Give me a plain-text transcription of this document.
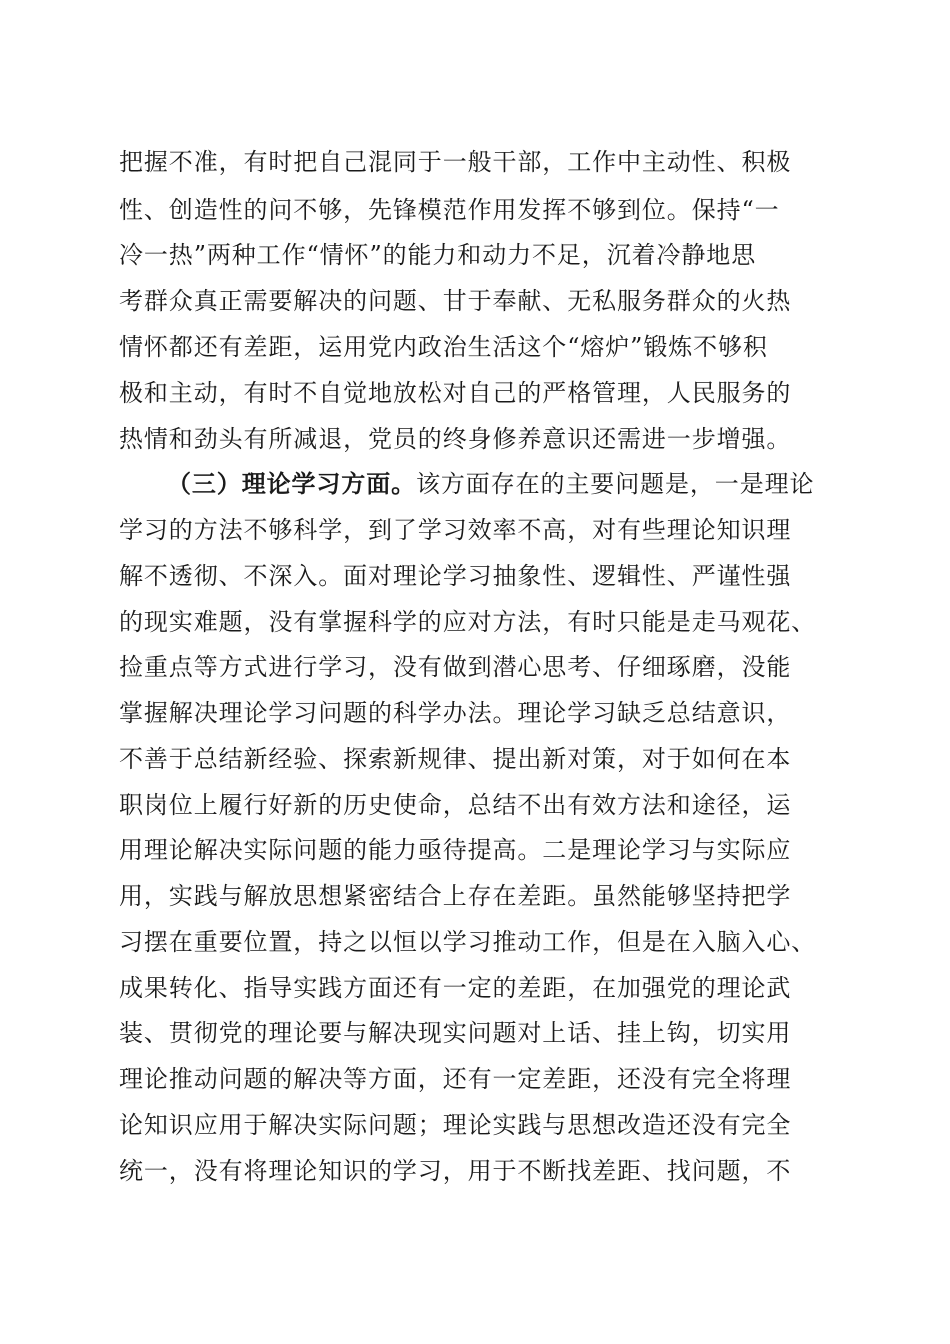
把握不准，有时把自己混同于一般干部，工作中主动性、积极
性、创造性的问不够，先锋模范作用发挥不够到位。保持“一
冷一热”两种工作“情怀”的能力和动力不足，沉着冷静地思
考群众真正需要解决的问题、甘于奉献、无私服务群众的火热
情怀都还有差距，运用党内政治生活这个“熔炉”锻炼不够积
极和主动，有时不自觉地放松对自己的严格管理，人民服务的
热情和劲头有所减退，党员的终身修养意识还需进一步增强。
（三）理论学习方面。该方面存在的主要问题是，一是理论
学习的方法不够科学，到了学习效率不高，对有些理论知识理
解不透彻、不深入。面对理论学习抽象性、逻辑性、严谨性强
的现实难题，没有掌握科学的应对方法，有时只能是走马观花、
捡重点等方式进行学习，没有做到潜心思考、仔细琢磨，没能
掌握解决理论学习问题的科学办法。理论学习缺乏总结意识，
不善于总结新经验、探索新规律、提出新对策，对于如何在本
职岗位上履行好新的历史使命，总结不出有效方法和途径，运
用理论解决实际问题的能力亟待提高。二是理论学习与实际应
用，实践与解放思想紧密结合上存在差距。虽然能够坚持把学
习摆在重要位置，持之以恒以学习推动工作，但是在入脑入心、
成果转化、指导实践方面还有一定的差距，在加强党的理论武
装、贯彻党的理论要与解决现实问题对上话、挂上钩，切实用
理论推动问题的解决等方面，还有一定差距，还没有完全将理
论知识应用于解决实际问题；理论实践与思想改造还没有完全
统一，没有将理论知识的学习，用于不断找差距、找问题，不
